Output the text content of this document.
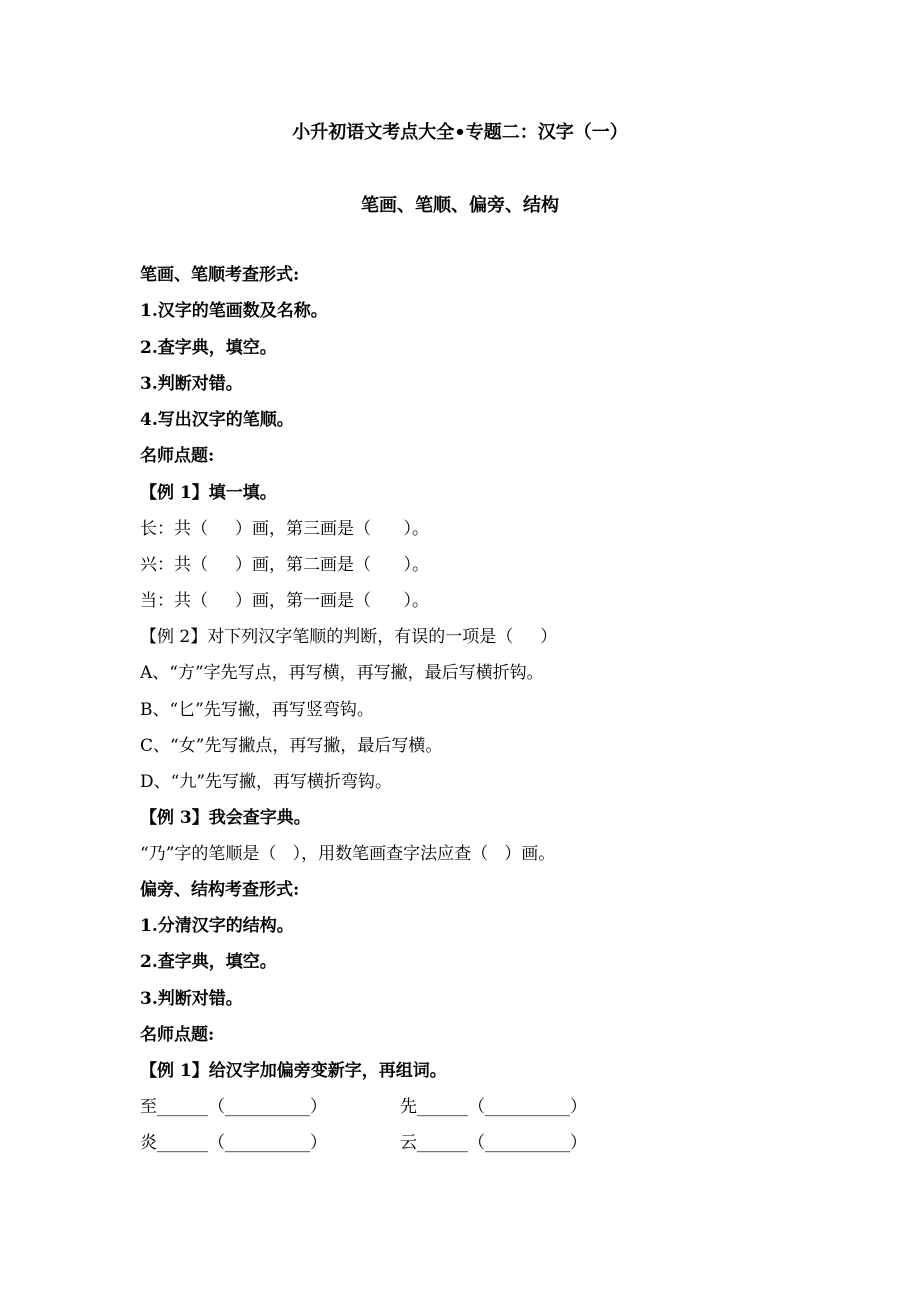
小升初语文考点大全•专题二：汉字（一）
笔画、笔顺、偏旁、结构
笔画、笔顺考查形式:
1.汉字的笔画数及名称。
2.查字典，填空。
3.判断对错。
4.写出汉字的笔顺。
名师点题:
【例 1】填一填。
长：共（     ）画，第三画是（      ）。
兴：共（     ）画，第二画是（      ）。
当：共（     ）画，第一画是（      ）。
【例 2】对下列汉字笔顺的判断，有误的一项是（     ）
A、“方”字先写点，再写横，再写撇，最后写横折钩。
B、“匕”先写撇，再写竖弯钩。
C、“女”先写撇点，再写撇，最后写横。
D、“九”先写撇，再写横折弯钩。
【例 3】我会查字典。
“乃”字的笔顺是（   ），用数笔画查字法应查（   ）画。
偏旁、结构考查形式:
1.分清汉字的结构。
2.查字典，填空。
3.判断对错。
名师点题:
【例 1】给汉字加偏旁变新字，再组词。
至______（__________）	先______（__________）
炎______（__________）	云______（__________）
